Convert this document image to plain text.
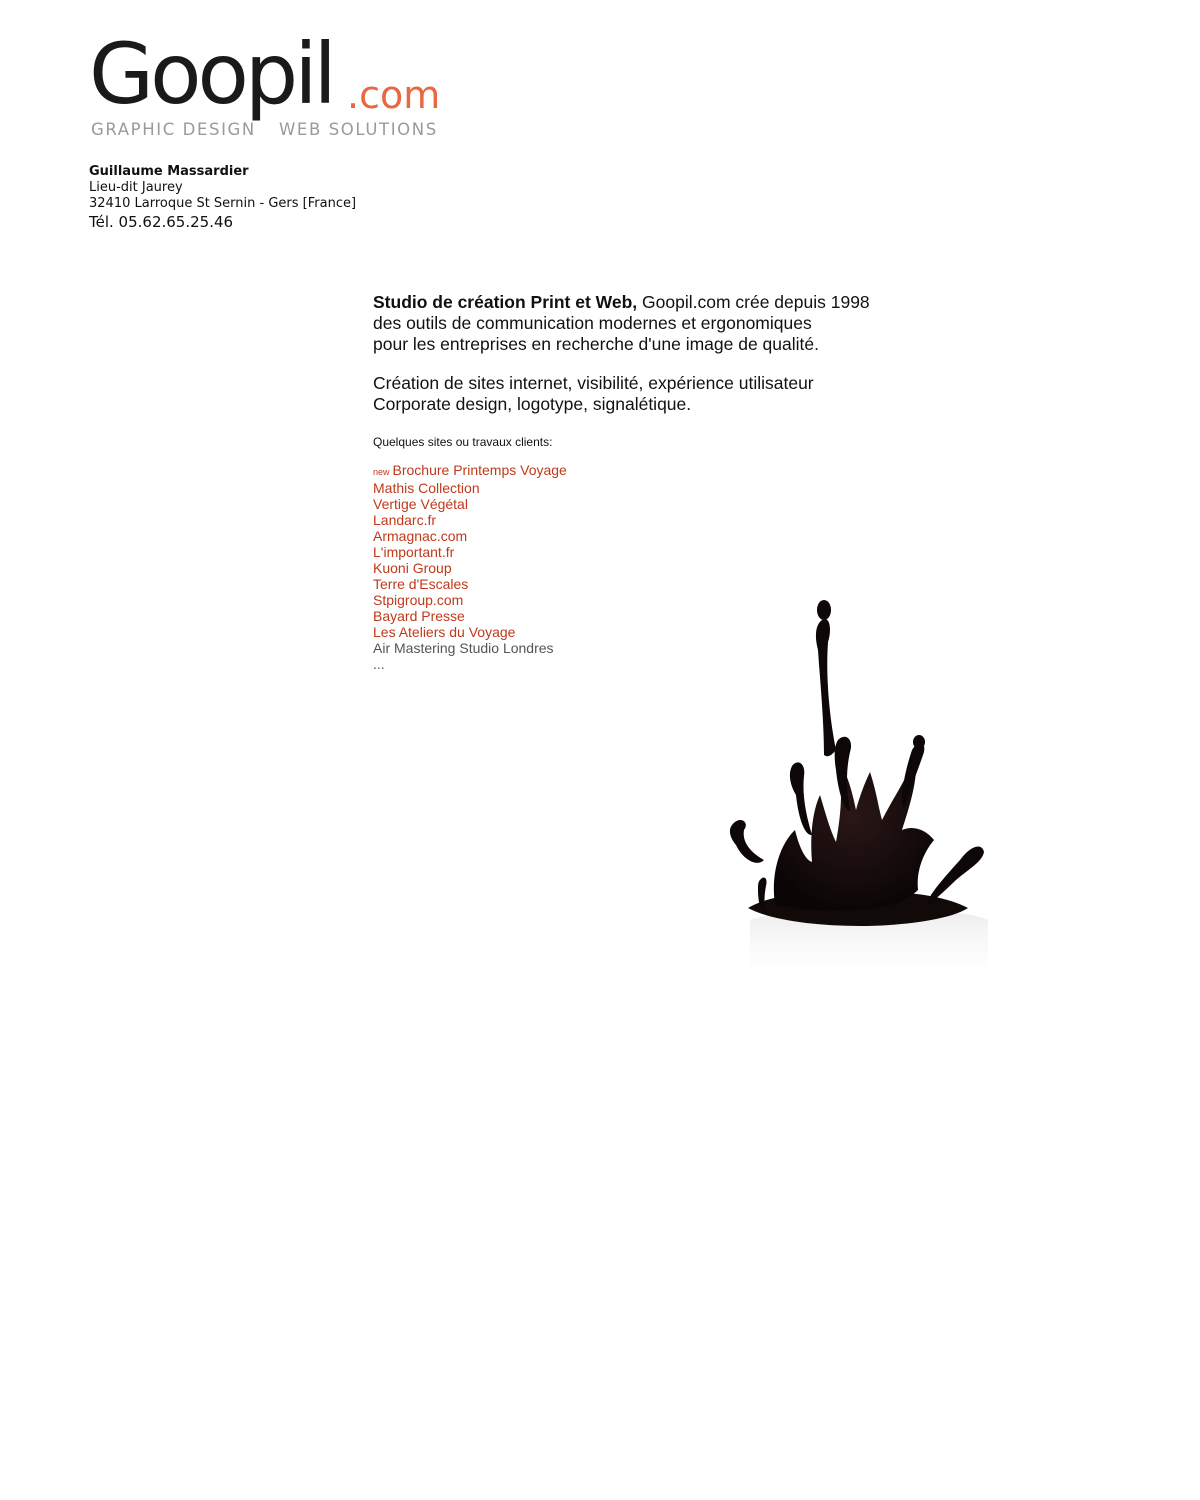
Goopil .com
GRAPHIC DESIGN WEB SOLUTIONS
Guillaume Massardier
Lieu-dit Jaurey
32410 Larroque St Sernin - Gers [France]
Tél. 05.62.65.25.46

Studio de création Print et Web, Goopil.com crée depuis 1998

des outils de communication modernes et ergonomiques

pour les entreprises en recherche d'une image de qualité.

Création de sites internet, visibilité, expérience utilisateur

Corporate design, logotype, signalétique.

Quelques sites ou travaux clients:
new Brochure Printemps Voyage
Mathis Collection
Vertige Végétal
Landarc.fr
Armagnac.com
L'important.fr
Kuoni Group
Terre d'Escales
Stpigroup.com
Bayard Presse
Les Ateliers du Voyage
Air Mastering Studio Londres
...
